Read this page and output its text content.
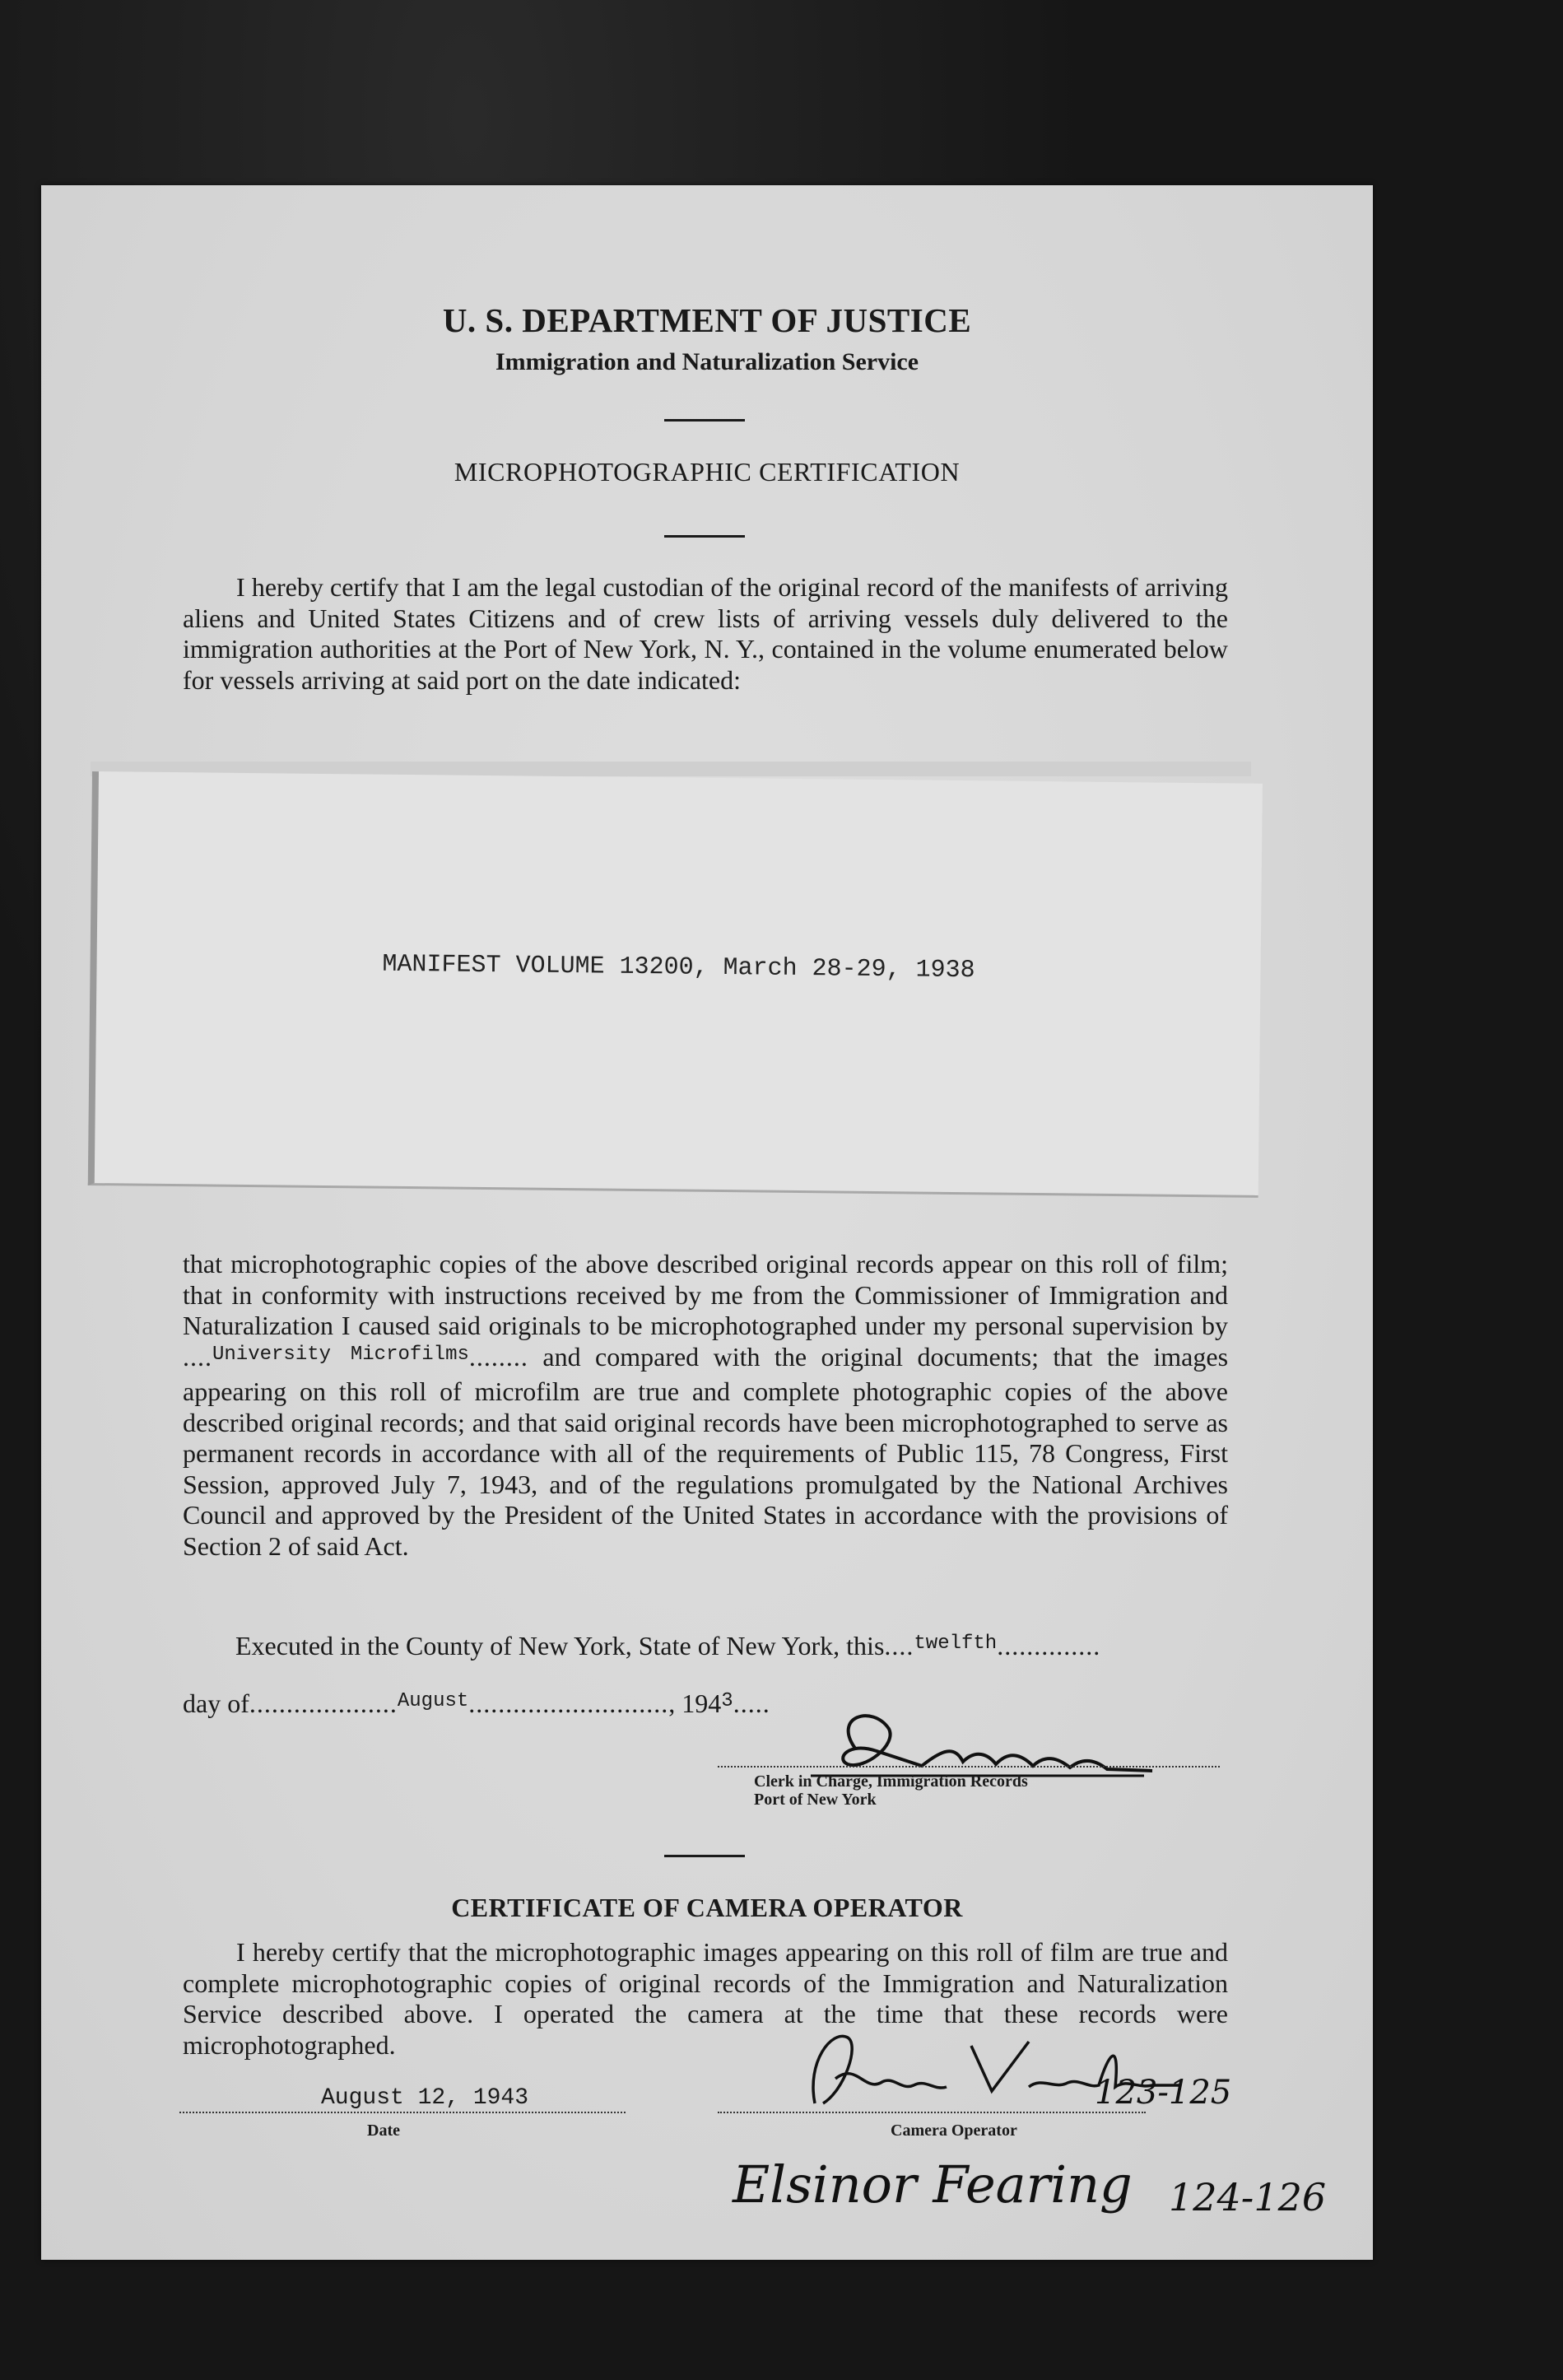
U. S. DEPARTMENT OF JUSTICE
Immigration and Naturalization Service
MICROPHOTOGRAPHIC CERTIFICATION
I hereby certify that I am the legal custodian of the original record of the manifests of arriving aliens and United States Citizens and of crew lists of arriving vessels duly delivered to the immigration authorities at the Port of New York, N. Y., contained in the volume enumerated below for vessels arriving at said port on the date indicated:
MANIFEST VOLUME 13200, March 28-29, 1938
that microphotographic copies of the above described original records appear on this roll of film; that in conformity with instructions received by me from the Commissioner of Immigration and Naturalization I caused said originals to be microphotographed under my personal supervision by ....$^{University Microfilms}$........ and compared with the original documents; that the images appearing on this roll of microfilm are true and complete photographic copies of the above described original records; and that said original records have been microphotographed to serve as permanent records in accordance with all of the requirements of Public 115, 78 Congress, First Session, approved July 7, 1943, and of the regulations promulgated by the National Archives Council and approved by the President of the United States in accordance with the provisions of Section 2 of said Act.
Executed in the County of New York, State of New York, this....$^{twelfth}$..............
day of....................$^{August}$..........................., $194^3$.....
Clerk in Charge, Immigration Records
Port of New York
CERTIFICATE OF CAMERA OPERATOR
I hereby certify that the microphotographic images appearing on this roll of film are true and complete microphotographic copies of original records of the Immigration and Naturalization Service described above. I operated the camera at the time that these records were microphotographed.
August 12, 1943
Date
123-125
Camera Operator
Elsinor Fearing 124-126
